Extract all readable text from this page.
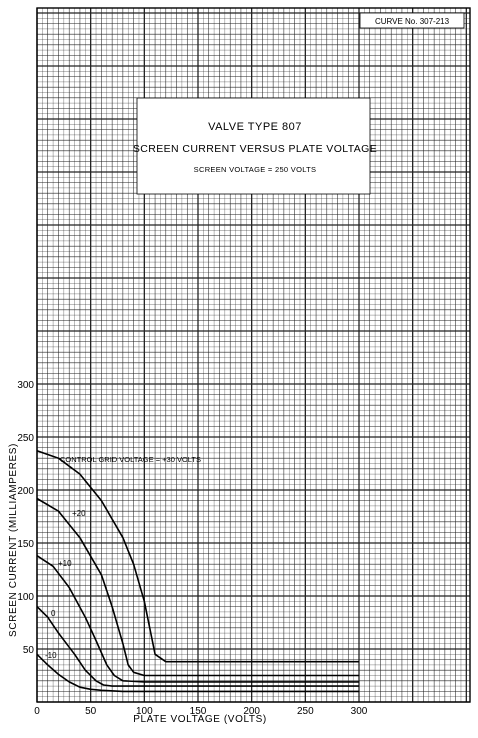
CURVE No. 307-213
VALVE TYPE 807
SCREEN CURRENT VERSUS PLATE VOLTAGE
SCREEN VOLTAGE = 250 VOLTS
0	50	100	150	200	250	300
50
100
150
200
250
300
PLATE VOLTAGE (VOLTS)
SCREEN CURRENT (MILLIAMPERES)	CONTROL GRID VOLTAGE = +30 VOLTS
+20
+10
0
-10
